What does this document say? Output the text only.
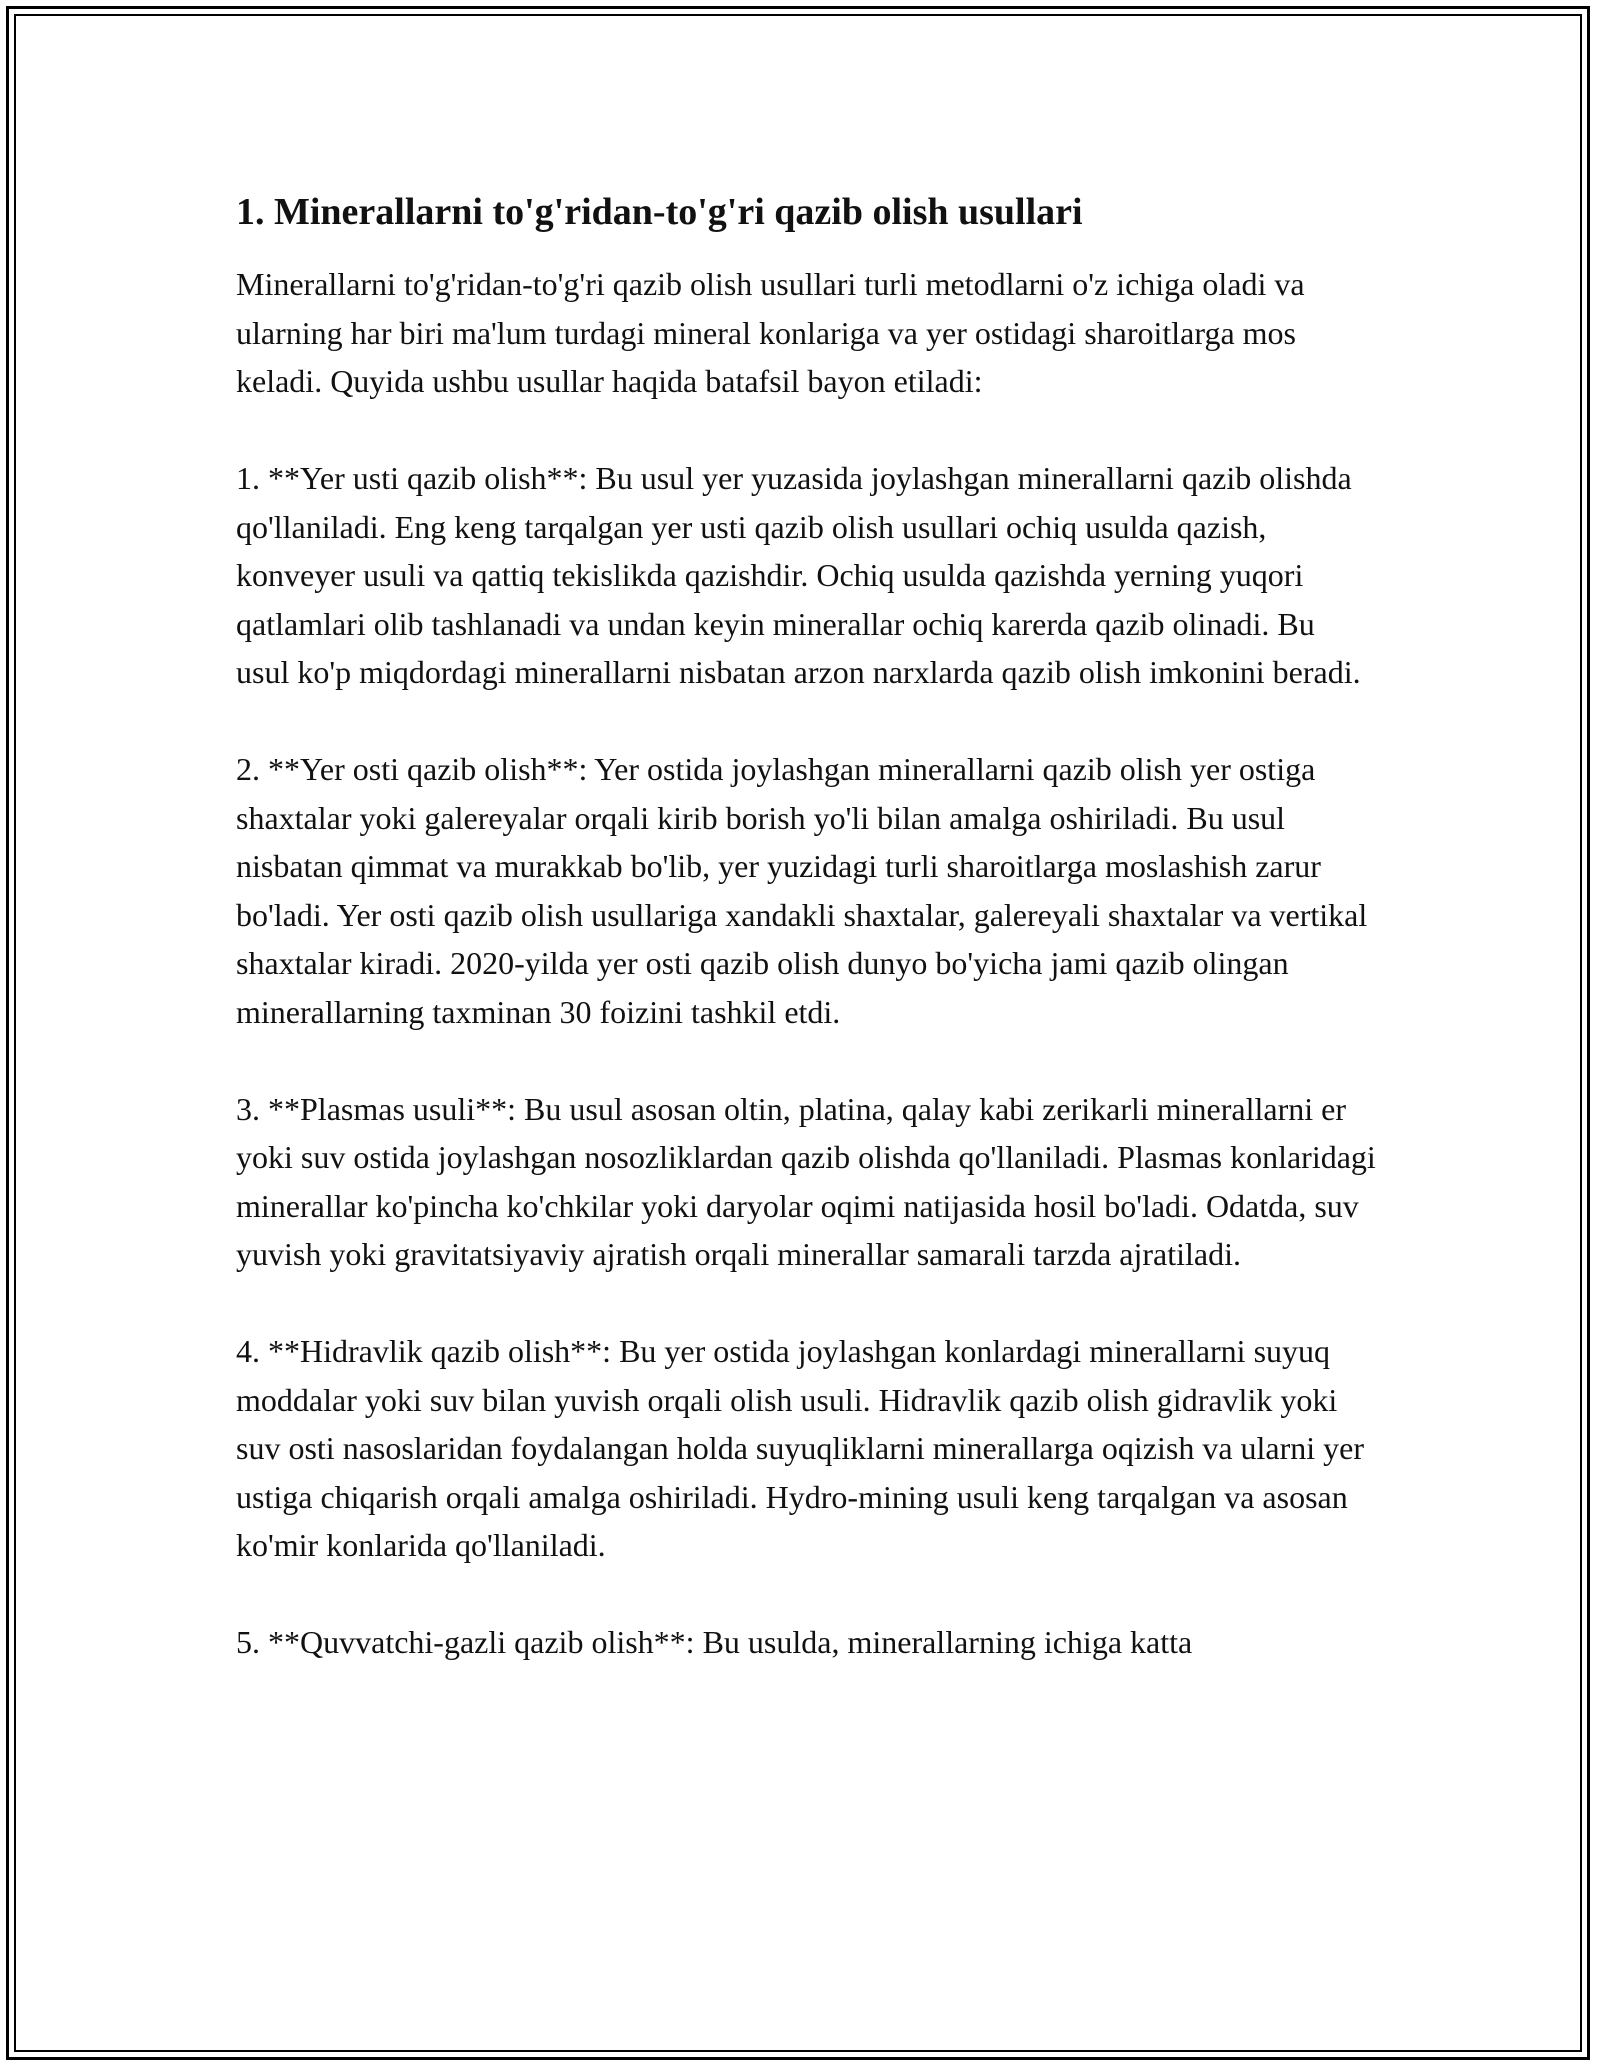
1. Minerallarni to'g'ridan-to'g'ri qazib olish usullari

Minerallarni to'g'ridan-to'g'ri qazib olish usullari turli metodlarni o'z ichiga oladi va ularning har biri ma'lum turdagi mineral konlariga va yer ostidagi sharoitlarga mos keladi. Quyida ushbu usullar haqida batafsil bayon etiladi:

1. **Yer usti qazib olish**: Bu usul yer yuzasida joylashgan minerallarni qazib olishda qo'llaniladi. Eng keng tarqalgan yer usti qazib olish usullari ochiq usulda qazish, konveyer usuli va qattiq tekislikda qazishdir. Ochiq usulda qazishda yerning yuqori qatlamlari olib tashlanadi va undan keyin minerallar ochiq karerda qazib olinadi. Bu usul ko'p miqdordagi minerallarni nisbatan arzon narxlarda qazib olish imkonini beradi.

2. **Yer osti qazib olish**: Yer ostida joylashgan minerallarni qazib olish yer ostiga shaxtalar yoki galereyalar orqali kirib borish yo'li bilan amalga oshiriladi. Bu usul nisbatan qimmat va murakkab bo'lib, yer yuzidagi turli sharoitlarga moslashish zarur bo'ladi. Yer osti qazib olish usullariga xandakli shaxtalar, galereyali shaxtalar va vertikal shaxtalar kiradi. 2020-yilda yer osti qazib olish dunyo bo'yicha jami qazib olingan minerallarning taxminan 30 foizini tashkil etdi.

3. **Plasmas usuli**: Bu usul asosan oltin, platina, qalay kabi zerikarli minerallarni er yoki suv ostida joylashgan nosozliklardan qazib olishda qo'llaniladi. Plasmas konlaridagi minerallar ko'pincha ko'chkilar yoki daryolar oqimi natijasida hosil bo'ladi. Odatda, suv yuvish yoki gravitatsiyaviy ajratish orqali minerallar samarali tarzda ajratiladi.

4. **Hidravlik qazib olish**: Bu yer ostida joylashgan konlardagi minerallarni suyuq moddalar yoki suv bilan yuvish orqali olish usuli. Hidravlik qazib olish gidravlik yoki suv osti nasoslaridan foydalangan holda suyuqliklarni minerallarga oqizish va ularni yer ustiga chiqarish orqali amalga oshiriladi. Hydro-mining usuli keng tarqalgan va asosan ko'mir konlarida qo'llaniladi.

5. **Quvvatchi-gazli qazib olish**: Bu usulda, minerallarning ichiga katta
